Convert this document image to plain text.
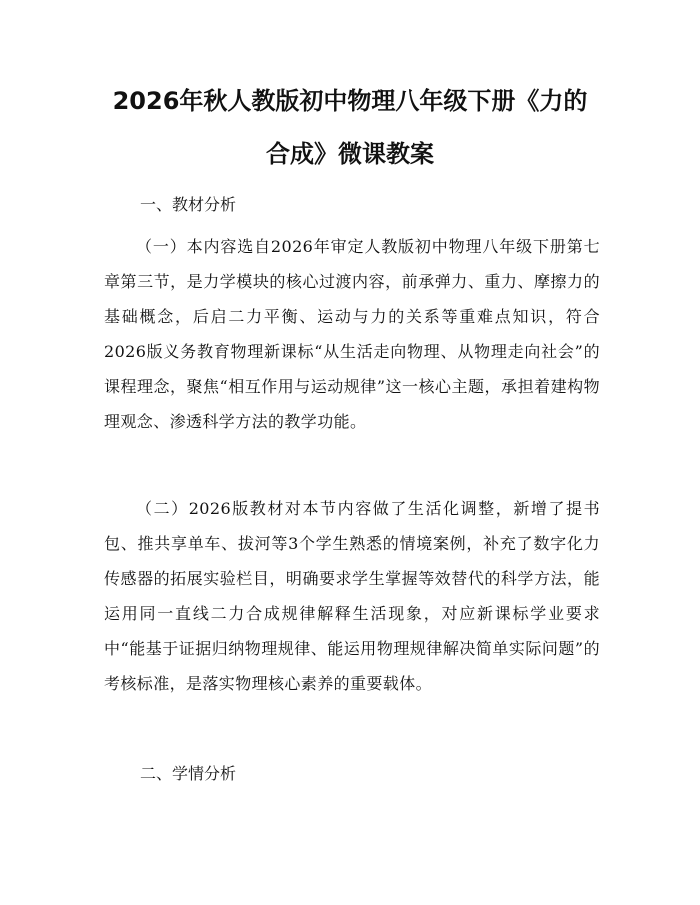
2026年秋人教版初中物理八年级下册《力的
合成》微课教案
一、教材分析

（一）本内容选自2026年审定人教版初中物理八年级下册第七章第三节，是力学模块的核心过渡内容，前承弹力、重力、摩擦力的基础概念，后启二力平衡、运动与力的关系等重难点知识，符合2026版义务教育物理新课标“从生活走向物理、从物理走向社会”的课程理念，聚焦“相互作用与运动规律”这一核心主题，承担着建构物理观念、渗透科学方法的教学功能。

（二）2026版教材对本节内容做了生活化调整，新增了提书包、推共享单车、拔河等3个学生熟悉的情境案例，补充了数字化力传感器的拓展实验栏目，明确要求学生掌握等效替代的科学方法，能运用同一直线二力合成规律解释生活现象，对应新课标学业要求中“能基于证据归纳物理规律、能运用物理规律解决简单实际问题”的考核标准，是落实物理核心素养的重要载体。

二、学情分析
